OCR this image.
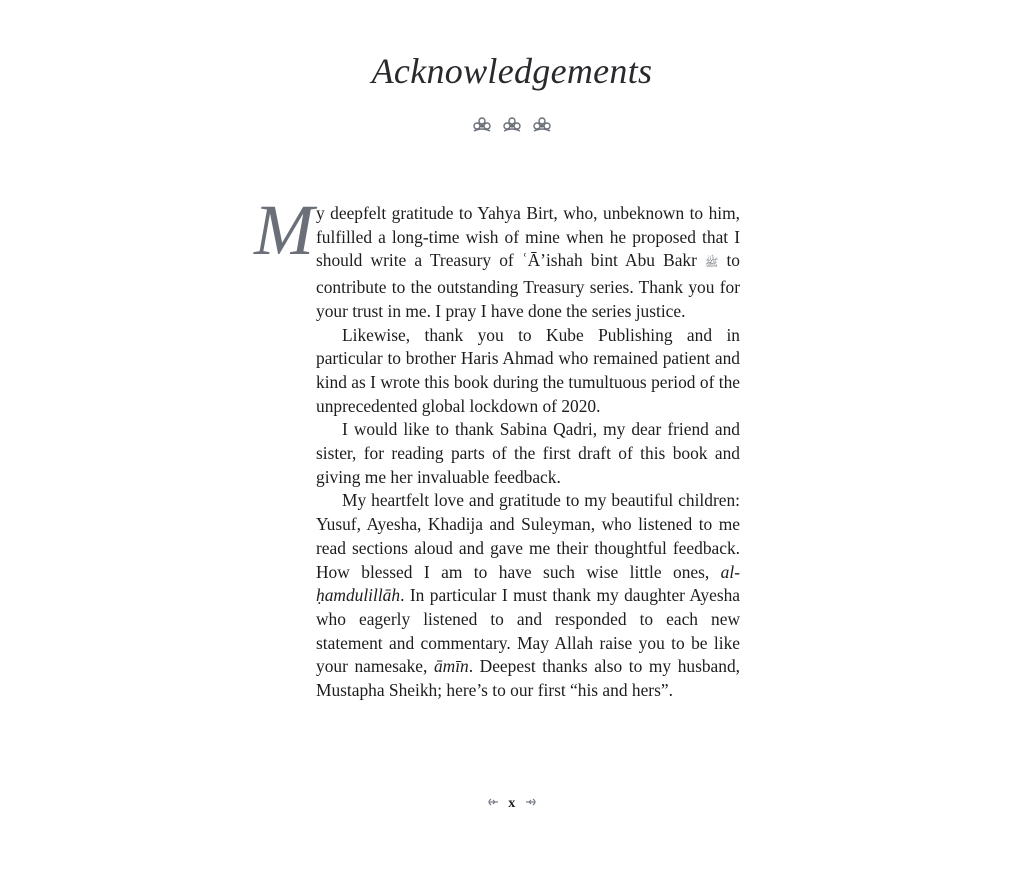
Acknowledgements

M y deepfelt gratitude to Yahya Birt, who, unbeknown to him, fulfilled a long-time wish of mine when he proposed that I should write a Treasury of ʿĀ’ishah bint Abu Bakr ﷺ to contribute to the outstanding Treasury series. Thank you for your trust in me. I pray I have done the series justice.

Likewise, thank you to Kube Publishing and in particular to brother Haris Ahmad who remained patient and kind as I wrote this book during the tumultuous period of the unprecedented global lockdown of 2020.

I would like to thank Sabina Qadri, my dear friend and sister, for reading parts of the first draft of this book and giving me her invaluable feedback.

My heartfelt love and gratitude to my beautiful children: Yusuf, Ayesha, Khadija and Suleyman, who listened to me read sections aloud and gave me their thoughtful feedback. How blessed I am to have such wise little ones, al-ḥamdulillāh. In particular I must thank my daughter Ayesha who eagerly listened to and responded to each new statement and commentary. May Allah raise you to be like your namesake, āmīn. Deepest thanks also to my husband, Mustapha Sheikh; here’s to our first “his and hers”.

x
